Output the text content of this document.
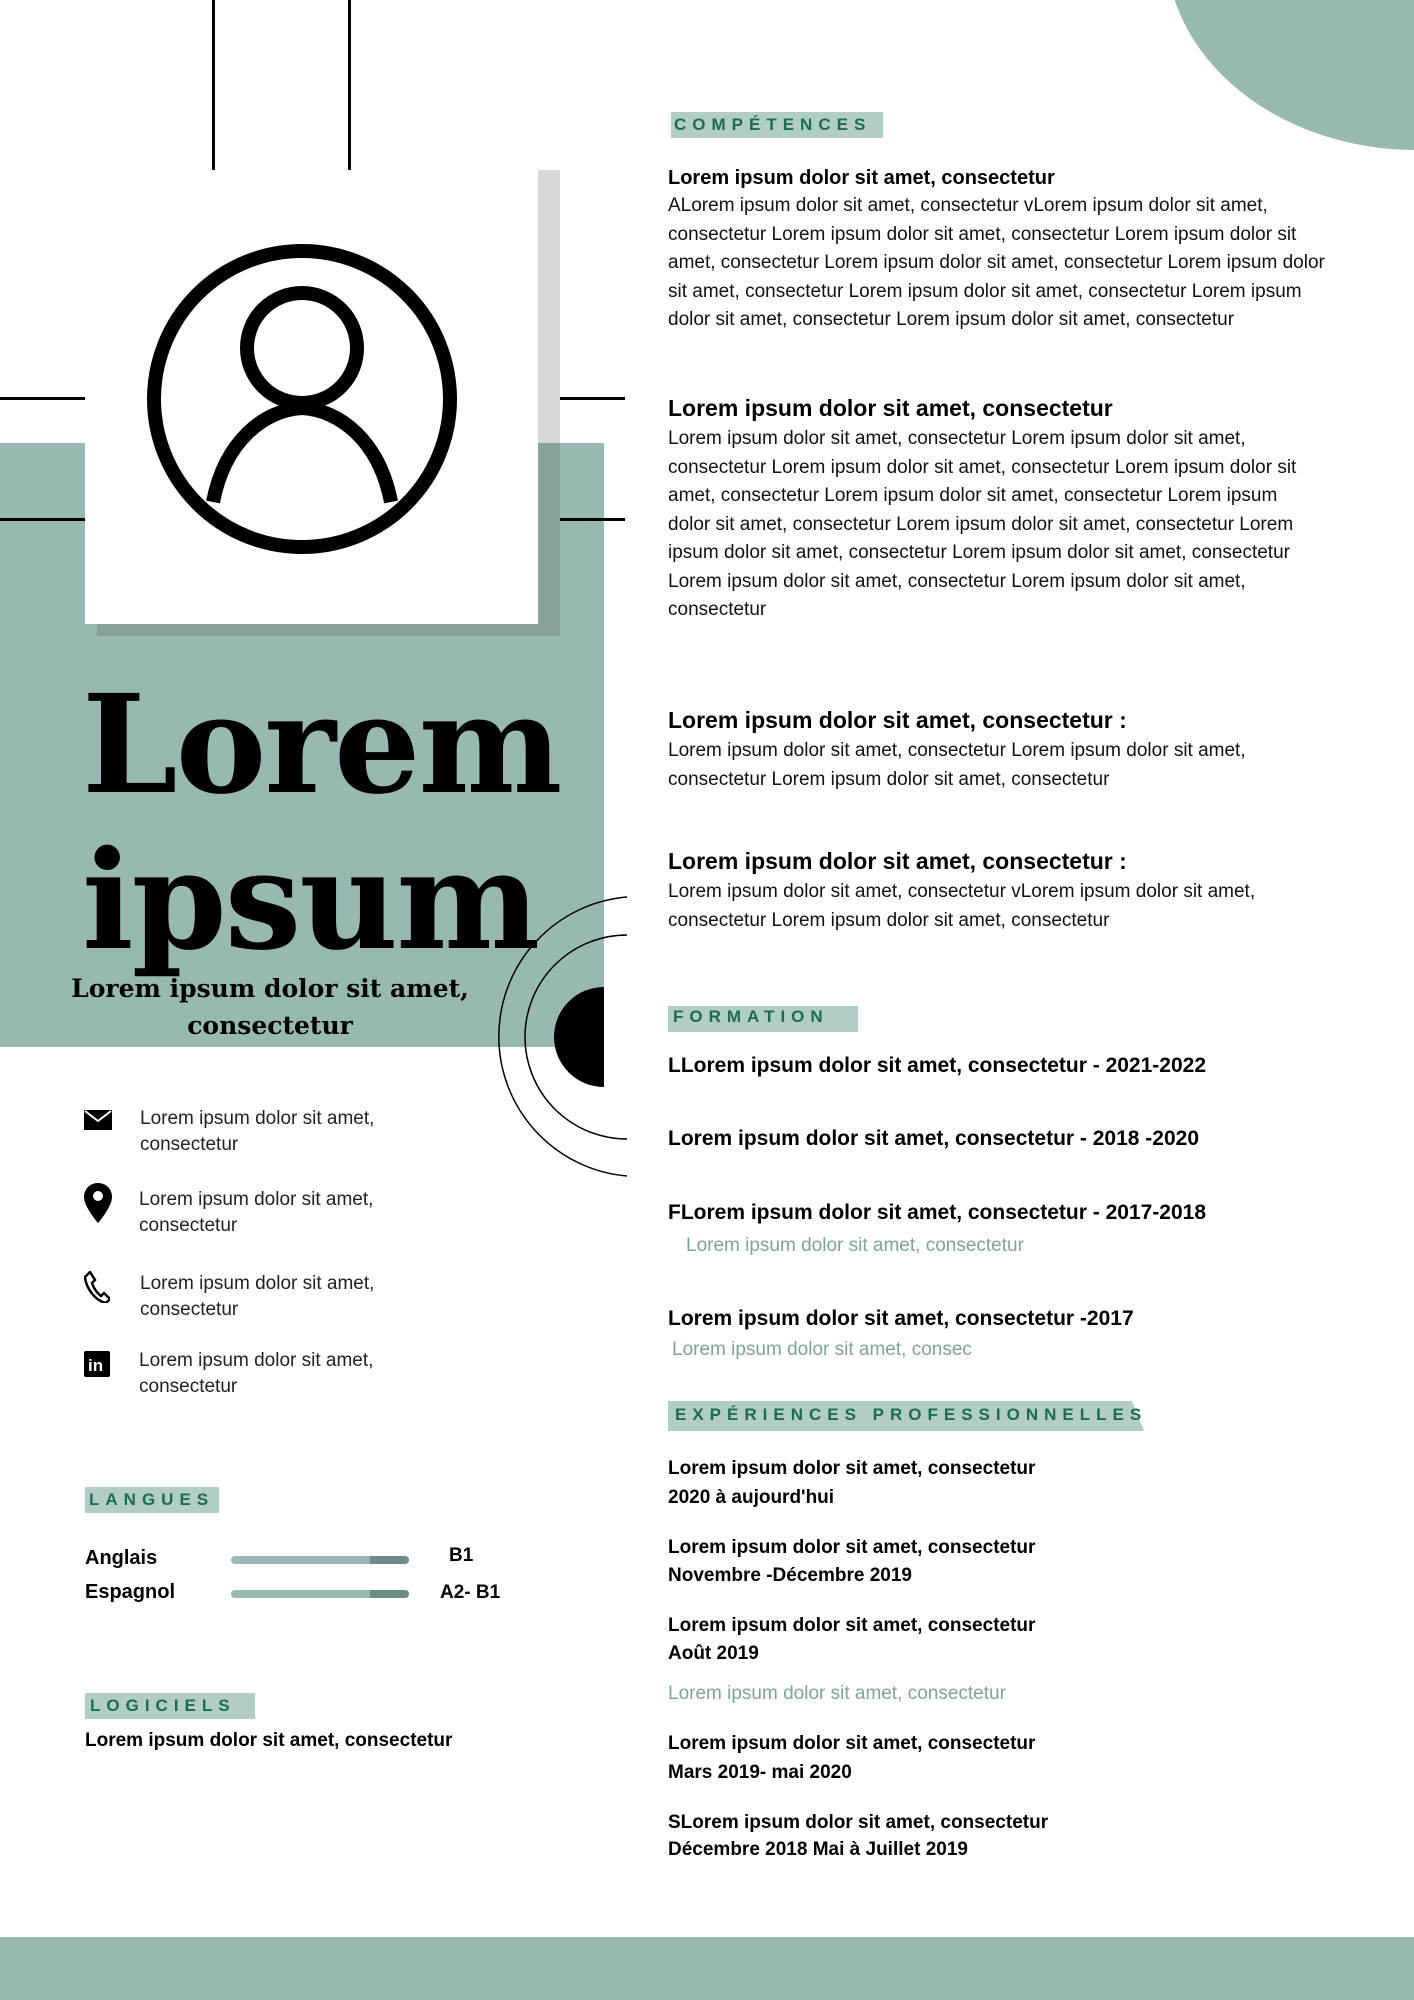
Lorem
ipsum
Lorem ipsum dolor sit amet, consectetur
Lorem ipsum dolor sit amet, consectetur
Lorem ipsum dolor sit amet, consectetur
Lorem ipsum dolor sit amet, consectetur
in Lorem ipsum dolor sit amet, consectetur
LANGUES
Anglais	B1
Espagnol	A2- B1
LOGICIELS
Lorem ipsum dolor sit amet, consectetur
COMPÉTENCES
Lorem ipsum dolor sit amet, consectetur
ALorem ipsum dolor sit amet, consectetur vLorem ipsum dolor sit amet, consectetur Lorem ipsum dolor sit amet, consectetur Lorem ipsum dolor sit amet, consectetur Lorem ipsum dolor sit amet, consectetur Lorem ipsum dolor sit amet, consectetur Lorem ipsum dolor sit amet, consectetur Lorem ipsum dolor sit amet, consectetur Lorem ipsum dolor sit amet, consectetur
Lorem ipsum dolor sit amet, consectetur
Lorem ipsum dolor sit amet, consectetur Lorem ipsum dolor sit amet, consectetur Lorem ipsum dolor sit amet, consectetur Lorem ipsum dolor sit amet, consectetur Lorem ipsum dolor sit amet, consectetur Lorem ipsum dolor sit amet, consectetur Lorem ipsum dolor sit amet, consectetur Lorem ipsum dolor sit amet, consectetur Lorem ipsum dolor sit amet, consectetur Lorem ipsum dolor sit amet, consectetur Lorem ipsum dolor sit amet, consectetur
Lorem ipsum dolor sit amet, consectetur :
Lorem ipsum dolor sit amet, consectetur Lorem ipsum dolor sit amet, consectetur Lorem ipsum dolor sit amet, consectetur
Lorem ipsum dolor sit amet, consectetur :
Lorem ipsum dolor sit amet, consectetur vLorem ipsum dolor sit amet, consectetur Lorem ipsum dolor sit amet, consectetur
FORMATION
LLorem ipsum dolor sit amet, consectetur - 2021-2022
Lorem ipsum dolor sit amet, consectetur - 2018 -2020
FLorem ipsum dolor sit amet, consectetur - 2017-2018
Lorem ipsum dolor sit amet, consectetur
Lorem ipsum dolor sit amet, consectetur -2017
Lorem ipsum dolor sit amet, consec
EXPÉRIENCES PROFESSIONNELLES
Lorem ipsum dolor sit amet, consectetur
2020 à aujourd'hui
Lorem ipsum dolor sit amet, consectetur
Novembre -Décembre 2019
Lorem ipsum dolor sit amet, consectetur
Août 2019
Lorem ipsum dolor sit amet, consectetur
Lorem ipsum dolor sit amet, consectetur
Mars 2019- mai 2020
SLorem ipsum dolor sit amet, consectetur
Décembre 2018 Mai à Juillet 2019
